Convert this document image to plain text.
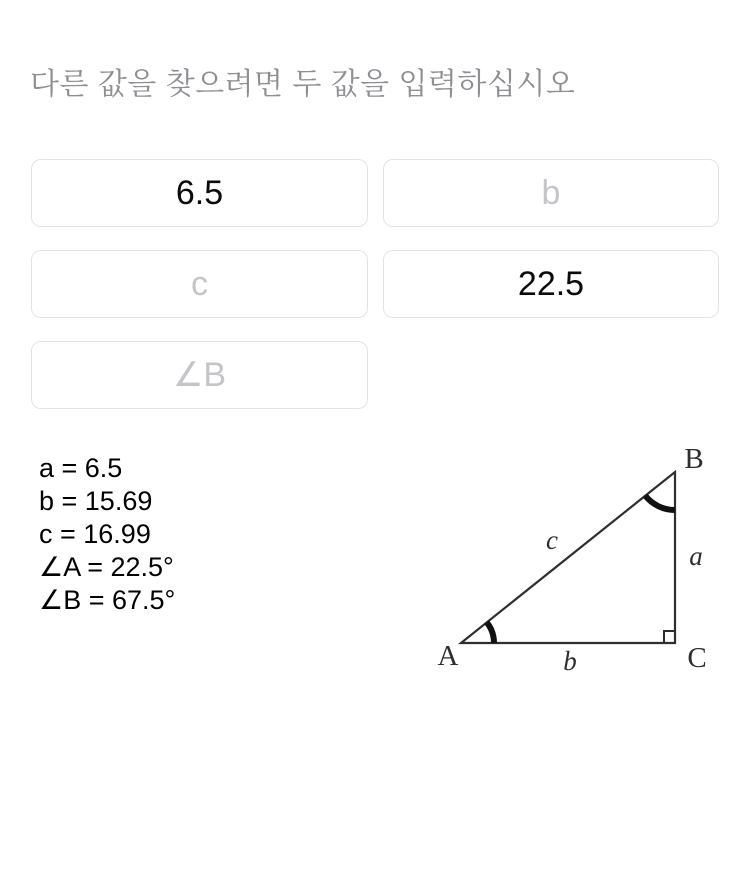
다른 값을 찾으려면 두 값을 입력하십시오
6.5
b
c
22.5
∠B
a = 6.5
b = 15.69
c = 16.99
∠A = 22.5°
∠B = 67.5°
A
B
C
c
a
b
